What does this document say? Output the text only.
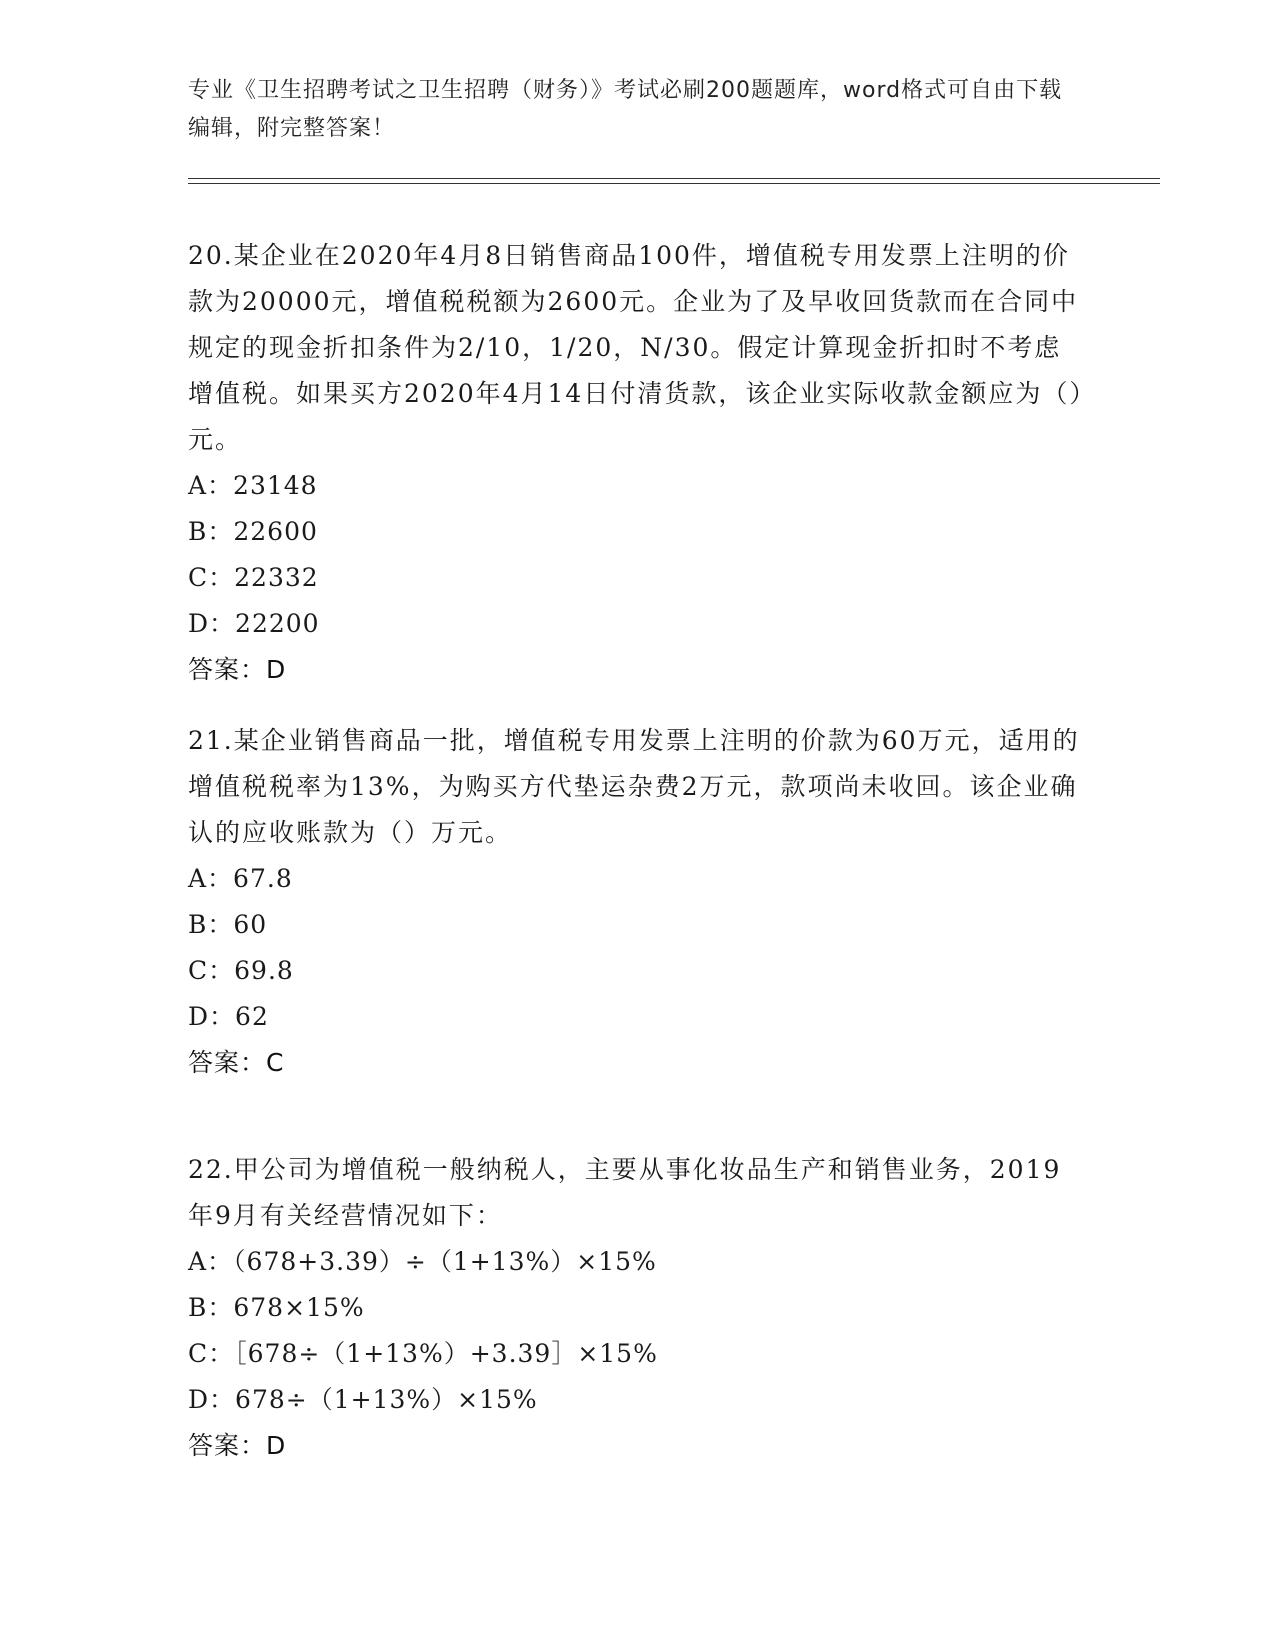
专业《卫生招聘考试之卫生招聘（财务）》考试必刷200题题库，word格式可自由下载编辑，附完整答案！

20.某企业在2020年4月8日销售商品100件，增值税专用发票上注明的价款为20000元，增值税税额为2600元。企业为了及早收回货款而在合同中规定的现金折扣条件为2/10，1/20，N/30。假定计算现金折扣时不考虑增值税。如果买方2020年4月14日付清货款，该企业实际收款金额应为（）元。

A：23148

B：22600

C：22332

D：22200

答案：D

21.某企业销售商品一批，增值税专用发票上注明的价款为60万元，适用的增值税税率为13%，为购买方代垫运杂费2万元，款项尚未收回。该企业确认的应收账款为（）万元。

A：67.8

B：60

C：69.8

D：62

答案：C

22.甲公司为增值税一般纳税人，主要从事化妆品生产和销售业务，2019年9月有关经营情况如下：

A：（678+3.39）÷（1+13%）×15%

B：678×15%

C：［678÷（1+13%）+3.39］×15%

D：678÷（1+13%）×15%

答案：D
